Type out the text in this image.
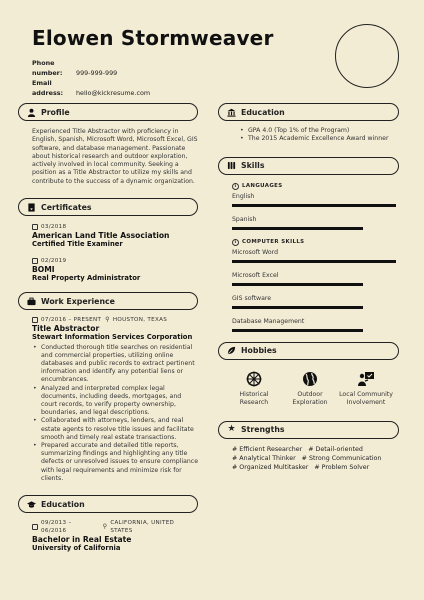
Elowen Stormweaver
Phone number: 999-999-999
Email address: hello@kickresume.com
Profile

Experienced Title Abstractor with proficiency in English, Spanish, Microsoft Word, Microsoft Excel, GIS software, and database management. Passionate about historical research and outdoor exploration, actively involved in local community. Seeking a position as a Title Abstractor to utilize my skills and contribute to the success of a dynamic organization.

Certificates
03/2018
American Land Title Association
Certified Title Examiner
02/2019
BOMI
Real Property Administrator
Work Experience
07/2016 – PRESENT ⚲ HOUSTON, TEXAS
Title Abstractor
Stewart Information Services Corporation
• Conducted thorough title searches on residential and commercial properties, utilizing online databases and public records to extract pertinent information and identify any potential liens or encumbrances.
• Analyzed and interpreted complex legal documents, including deeds, mortgages, and court records, to verify property ownership, boundaries, and legal descriptions.
• Collaborated with attorneys, lenders, and real estate agents to resolve title issues and facilitate smooth and timely real estate transactions.
• Prepared accurate and detailed title reports, summarizing findings and highlighting any title defects or unresolved issues to ensure compliance with legal requirements and minimize risk for clients.
Education
09/2013 – 06/2016
⚲ CALIFORNIA, UNITED STATES
Bachelor in Real Estate
University of California
Education
• GPA 4.0 (Top 1% of the Program)
• The 2015 Academic Excellence Award winner
Skills
i	LANGUAGES
English
Spanish
i	COMPUTER SKILLS
Microsoft Word
Microsoft Excel
GIS software
Database Management
Hobbies
Historical Research
Outdoor Exploration
Local Community Involvement
★ Strengths
# Efficient Researcher # Detail-oriented
# Analytical Thinker # Strong Communication
# Organized Multitasker # Problem Solver
